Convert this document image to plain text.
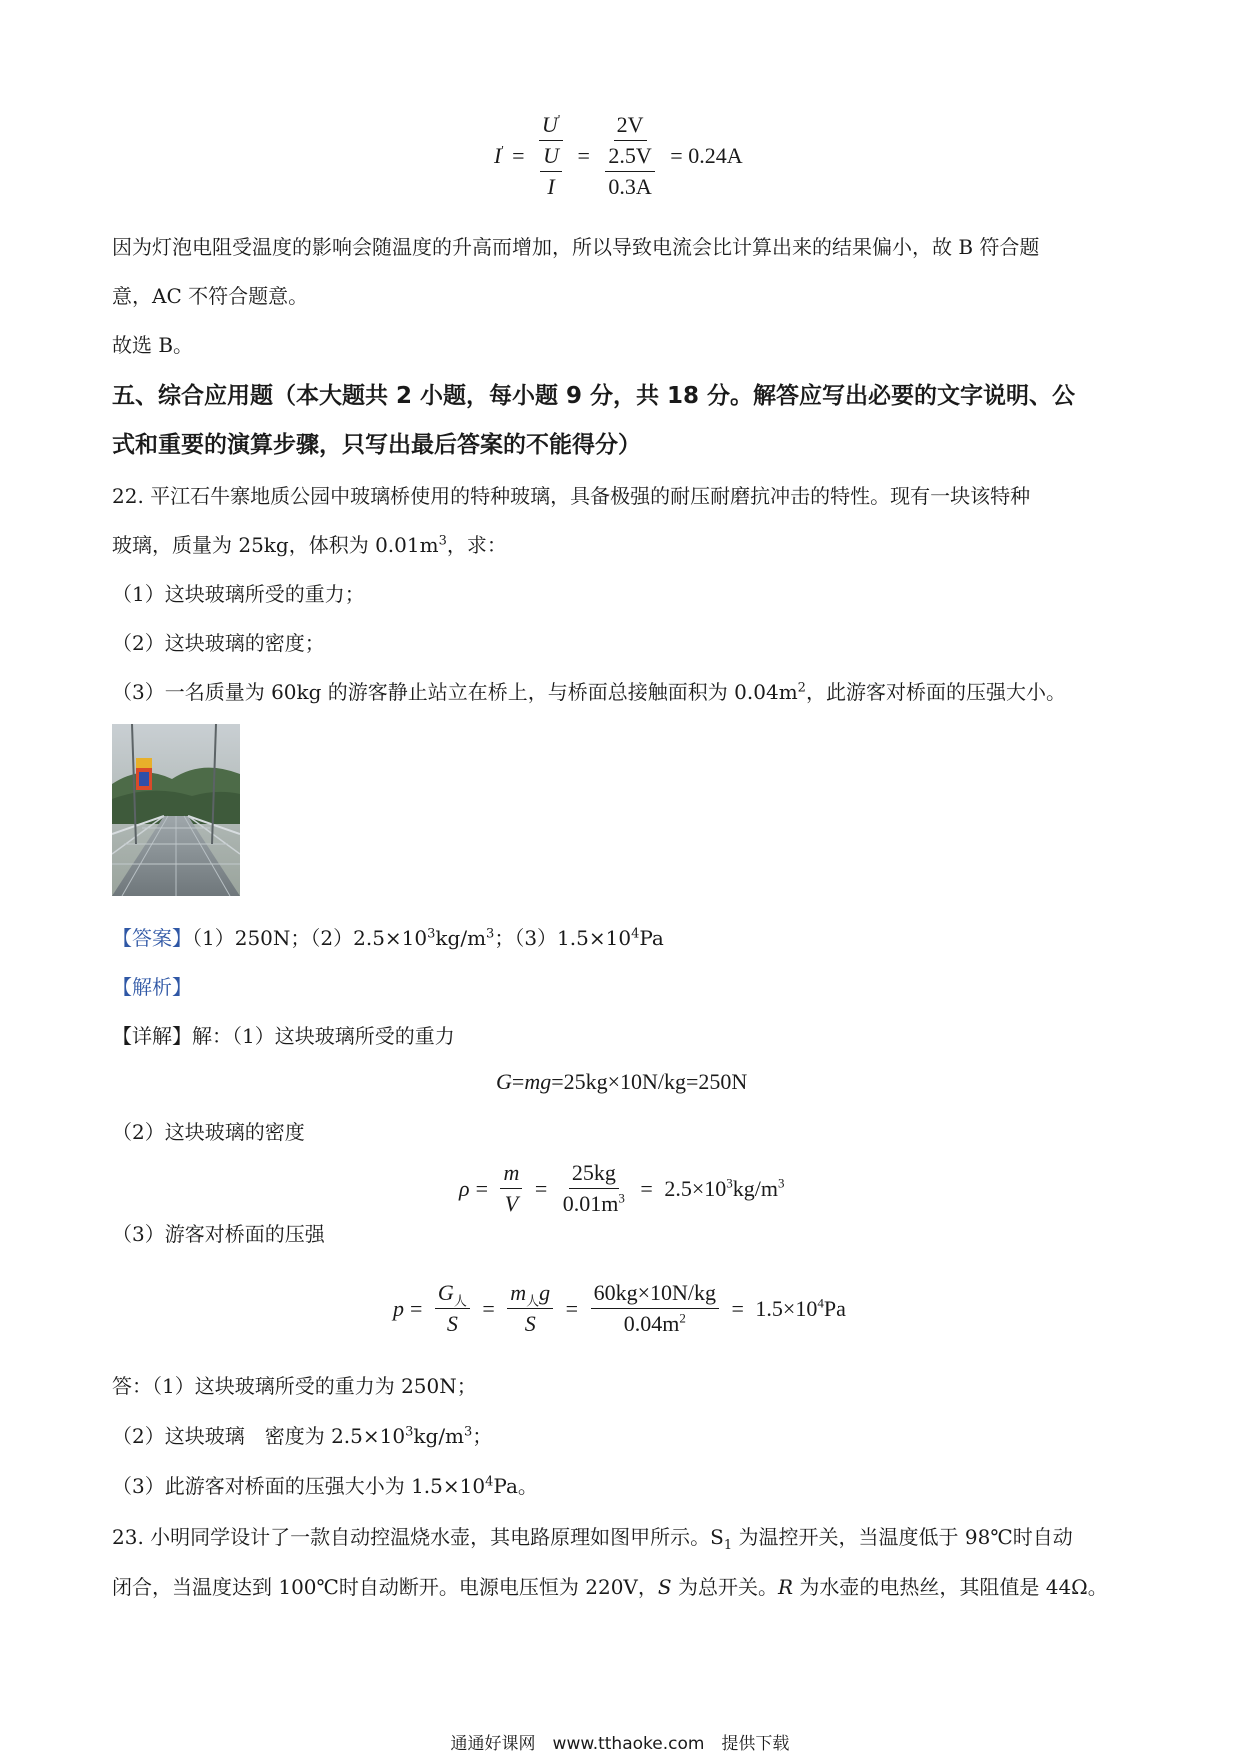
$I' = \frac{U'}{\frac{U}{I}} = \frac{2V}{\frac{2.5V}{0.3A}} = 0.24A$
因为灯泡电阻受温度的影响会随温度的升高而增加，所以导致电流会比计算出来的结果偏小，故 B 符合题
意，AC 不符合题意。
故选 B。
五、综合应用题（本大题共 2 小题，每小题 9 分，共 18 分。解答应写出必要的文字说明、公
式和重要的演算步骤，只写出最后答案的不能得分）
22. 平江石牛寨地质公园中玻璃桥使用的特种玻璃，具备极强的耐压耐磨抗冲击的特性。现有一块该特种
玻璃，质量为 25kg，体积为 $0.01m^3$，求：
（1）这块玻璃所受的重力；
（2）这块玻璃的密度；
（3）一名质量为 60kg 的游客静止站立在桥上，与桥面总接触面积为 $0.04m^2$，此游客对桥面的压强大小。
【答案】（1）250N；$(2)2.5\times 10^3kg/m^3$；$(3)1.5\times 10^4Pa$
【解析】
【详解】解：（1）这块玻璃所受的重力
G=mg=25kg×10N/kg=250N
（2）这块玻璃的密度
$\rho = \frac{m}{V} = \frac{25kg}{0.01m^3} = 2.5\times 10^3kg/m^3$
（3）游客对桥面的压强
$p = \frac{G_人}{S} = \frac{m_人g}{S} = \frac{60kg\times 10N/kg}{0.04m^2} = 1.5\times 10^4Pa$
答：（1）这块玻璃所受的重力为 250N；
（2）这块玻璃　密度为 $2.5\times 10^3kg/m^3$；
（3）此游客对桥面的压强大小为 $1.5\times 10^4Pa$。
23. 小明同学设计了一款自动控温烧水壶，其电路原理如图甲所示。$S_1$ 为温控开关，当温度低于 98℃时自动
闭合，当温度达到 100℃时自动断开。电源电压恒为 220V，S 为总开关。R 为水壶的电热丝，其阻值是 44Ω。
通通好课网　www.tthaoke.com　提供下载
